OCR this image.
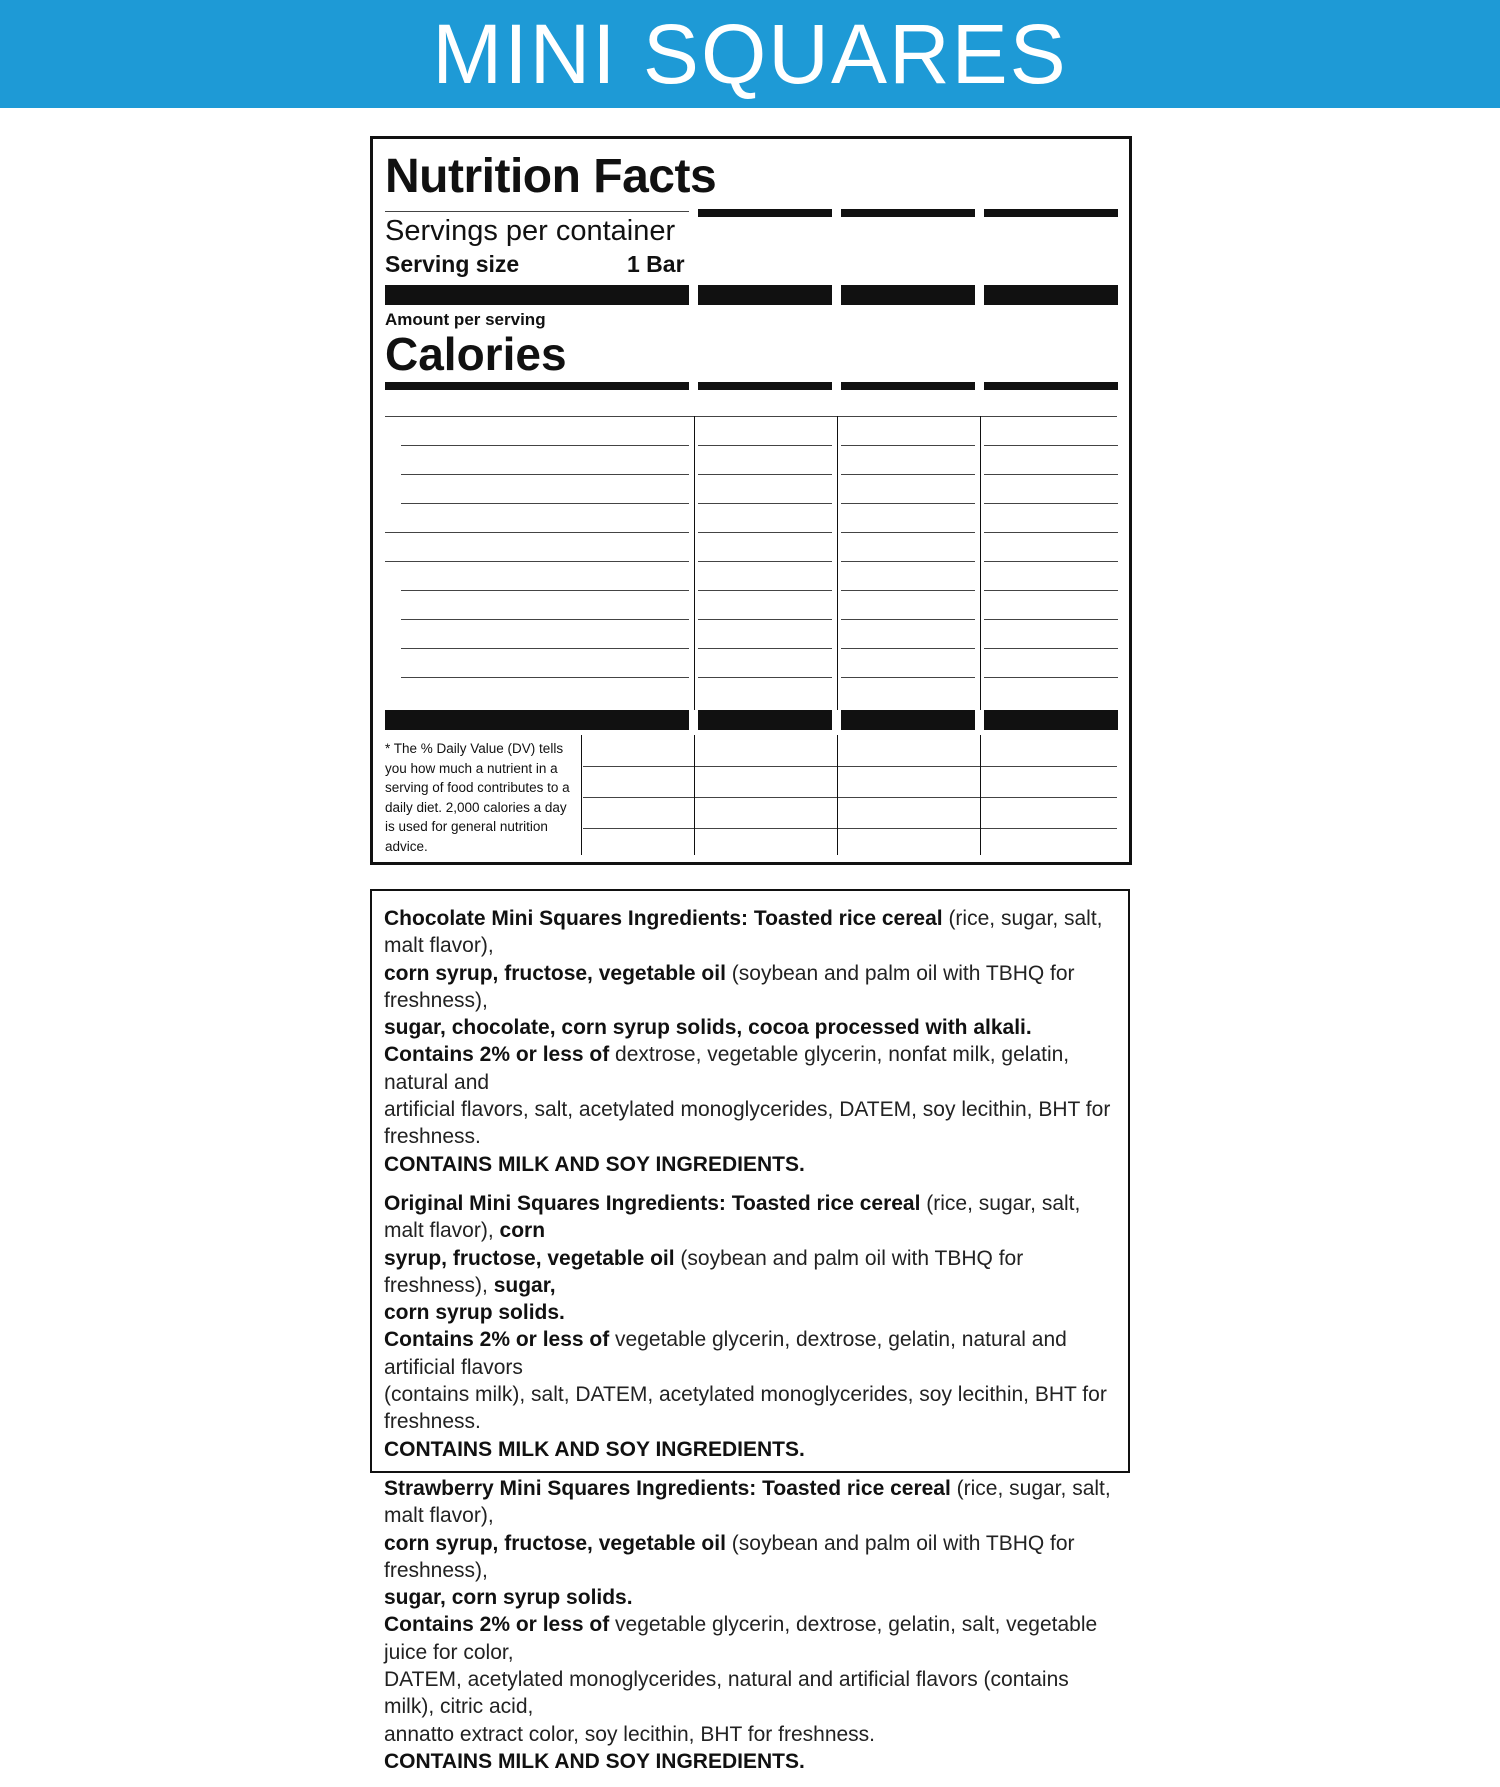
MINI SQUARES
Nutrition Facts
Servings per container
Serving size	1 Bar
Amount per serving
Calories
* The % Daily Value (DV) tells you how much a nutrient in a serving of food contributes to a daily diet. 2,000 calories a day is used for general nutrition advice.
Chocolate Mini Squares Ingredients: Toasted rice cereal (rice, sugar, salt, malt flavor),
corn syrup, fructose, vegetable oil (soybean and palm oil with TBHQ for freshness),
sugar, chocolate, corn syrup solids, cocoa processed with alkali.
Contains 2% or less of dextrose, vegetable glycerin, nonfat milk, gelatin, natural and
artificial flavors, salt, acetylated monoglycerides, DATEM, soy lecithin, BHT for freshness.
CONTAINS MILK AND SOY INGREDIENTS.
Original Mini Squares Ingredients: Toasted rice cereal (rice, sugar, salt, malt flavor), corn
syrup, fructose, vegetable oil (soybean and palm oil with TBHQ for freshness), sugar,
corn syrup solids.
Contains 2% or less of vegetable glycerin, dextrose, gelatin, natural and artificial flavors
(contains milk), salt, DATEM, acetylated monoglycerides, soy lecithin, BHT for freshness.
CONTAINS MILK AND SOY INGREDIENTS.
Strawberry Mini Squares Ingredients: Toasted rice cereal (rice, sugar, salt, malt flavor),
corn syrup, fructose, vegetable oil (soybean and palm oil with TBHQ for freshness),
sugar, corn syrup solids.
Contains 2% or less of vegetable glycerin, dextrose, gelatin, salt, vegetable juice for color,
DATEM, acetylated monoglycerides, natural and artificial flavors (contains milk), citric acid,
annatto extract color, soy lecithin, BHT for freshness.
CONTAINS MILK AND SOY INGREDIENTS.
